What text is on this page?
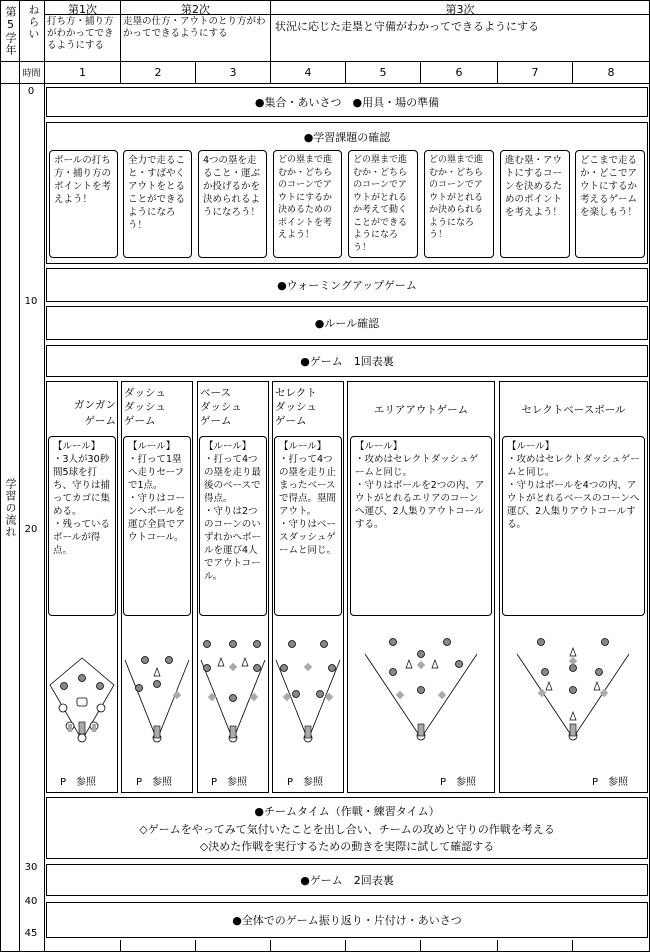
第5学年 ねらい
時間
学習の流れ
第1次	第2次	第3次
打ち方・捕り方がわかってできるようにする
走塁の仕方・アウトのとり方がわかってできるようにする
状況に応じた走塁と守備がわかってできるようにする
1	2	3	4	5	6	7	8
0
10
20
30
40
45
●集合・あいさつ　●用具・場の準備
●学習課題の確認
ボールの打ち方・捕り方のポイントを考えよう！
全力で走ること・すばやくアウトをとることができるようになろう！
4つの塁を走ること・運ぶか投げるかを決められるようになろう！
どの塁まで進むか・どちらのコーンでアウトにするか決めるためのポイントを考えよう！
どの塁まで進むか・どちらのコーンでアウトがとれるか考えて動くことができるようになろう！
どの塁まで進むか・どちらのコーンでアウトがとれるか決められるようになろう！
進む塁・アウトにするコーンを決めるためのポイントを考えよう！
どこまで走るか・どこでアウトにするか考えるゲームを楽しもう！
●ウォーミングアップゲーム
●ルール確認
●ゲーム　1回表裏
ガンガン
ゲーム
ダッシュ
ダッシュ
ゲーム
ベース
ダッシュ
ゲーム
セレクト
ダッシュ
ゲーム
エリアアウトゲーム	セレクトベースボール
【ルール】
・3人が30秒間5球を打ち、守りは捕ってカゴに集める。
・残っているボールが得点。
【ルール】
・打って1塁へ走りセーフで1点。
・守りはコーンへボールを運び全員でアウトコール。
【ルール】
・打って4つの塁を走り最後のベースで得点。
・守りは2つのコーンのいずれかへボールを運び4人でアウトコール。
【ルール】
・打って4つの塁を走り止まったベースで得点。塁間アウト。
・守りはベースダッシュゲームと同じ。
【ルール】
・攻めはセレクトダッシュゲームと同じ。
・守りはボールを2つの内、アウトがとれるエリアのコーンへ運び、2人集りアウトコールする。
【ルール】
・攻めはセレクトダッシュゲームと同じ。
・守りはボールを4つの内、アウトがとれるベースのコーンへ運び、2人集りアウトコールする。
P　 参照	P　 参照	P　 参照	P　 参照	P　 参照	P　 参照
●チームタイム（作戦・練習タイム）
◇ゲームをやってみて気付いたことを出し合い、チームの攻めと守りの作戦を考える
◇決めた作戦を実行するための動きを実際に試して確認する
●ゲーム　2回表裏
●全体でのゲーム振り返り・片付け・あいさつ
